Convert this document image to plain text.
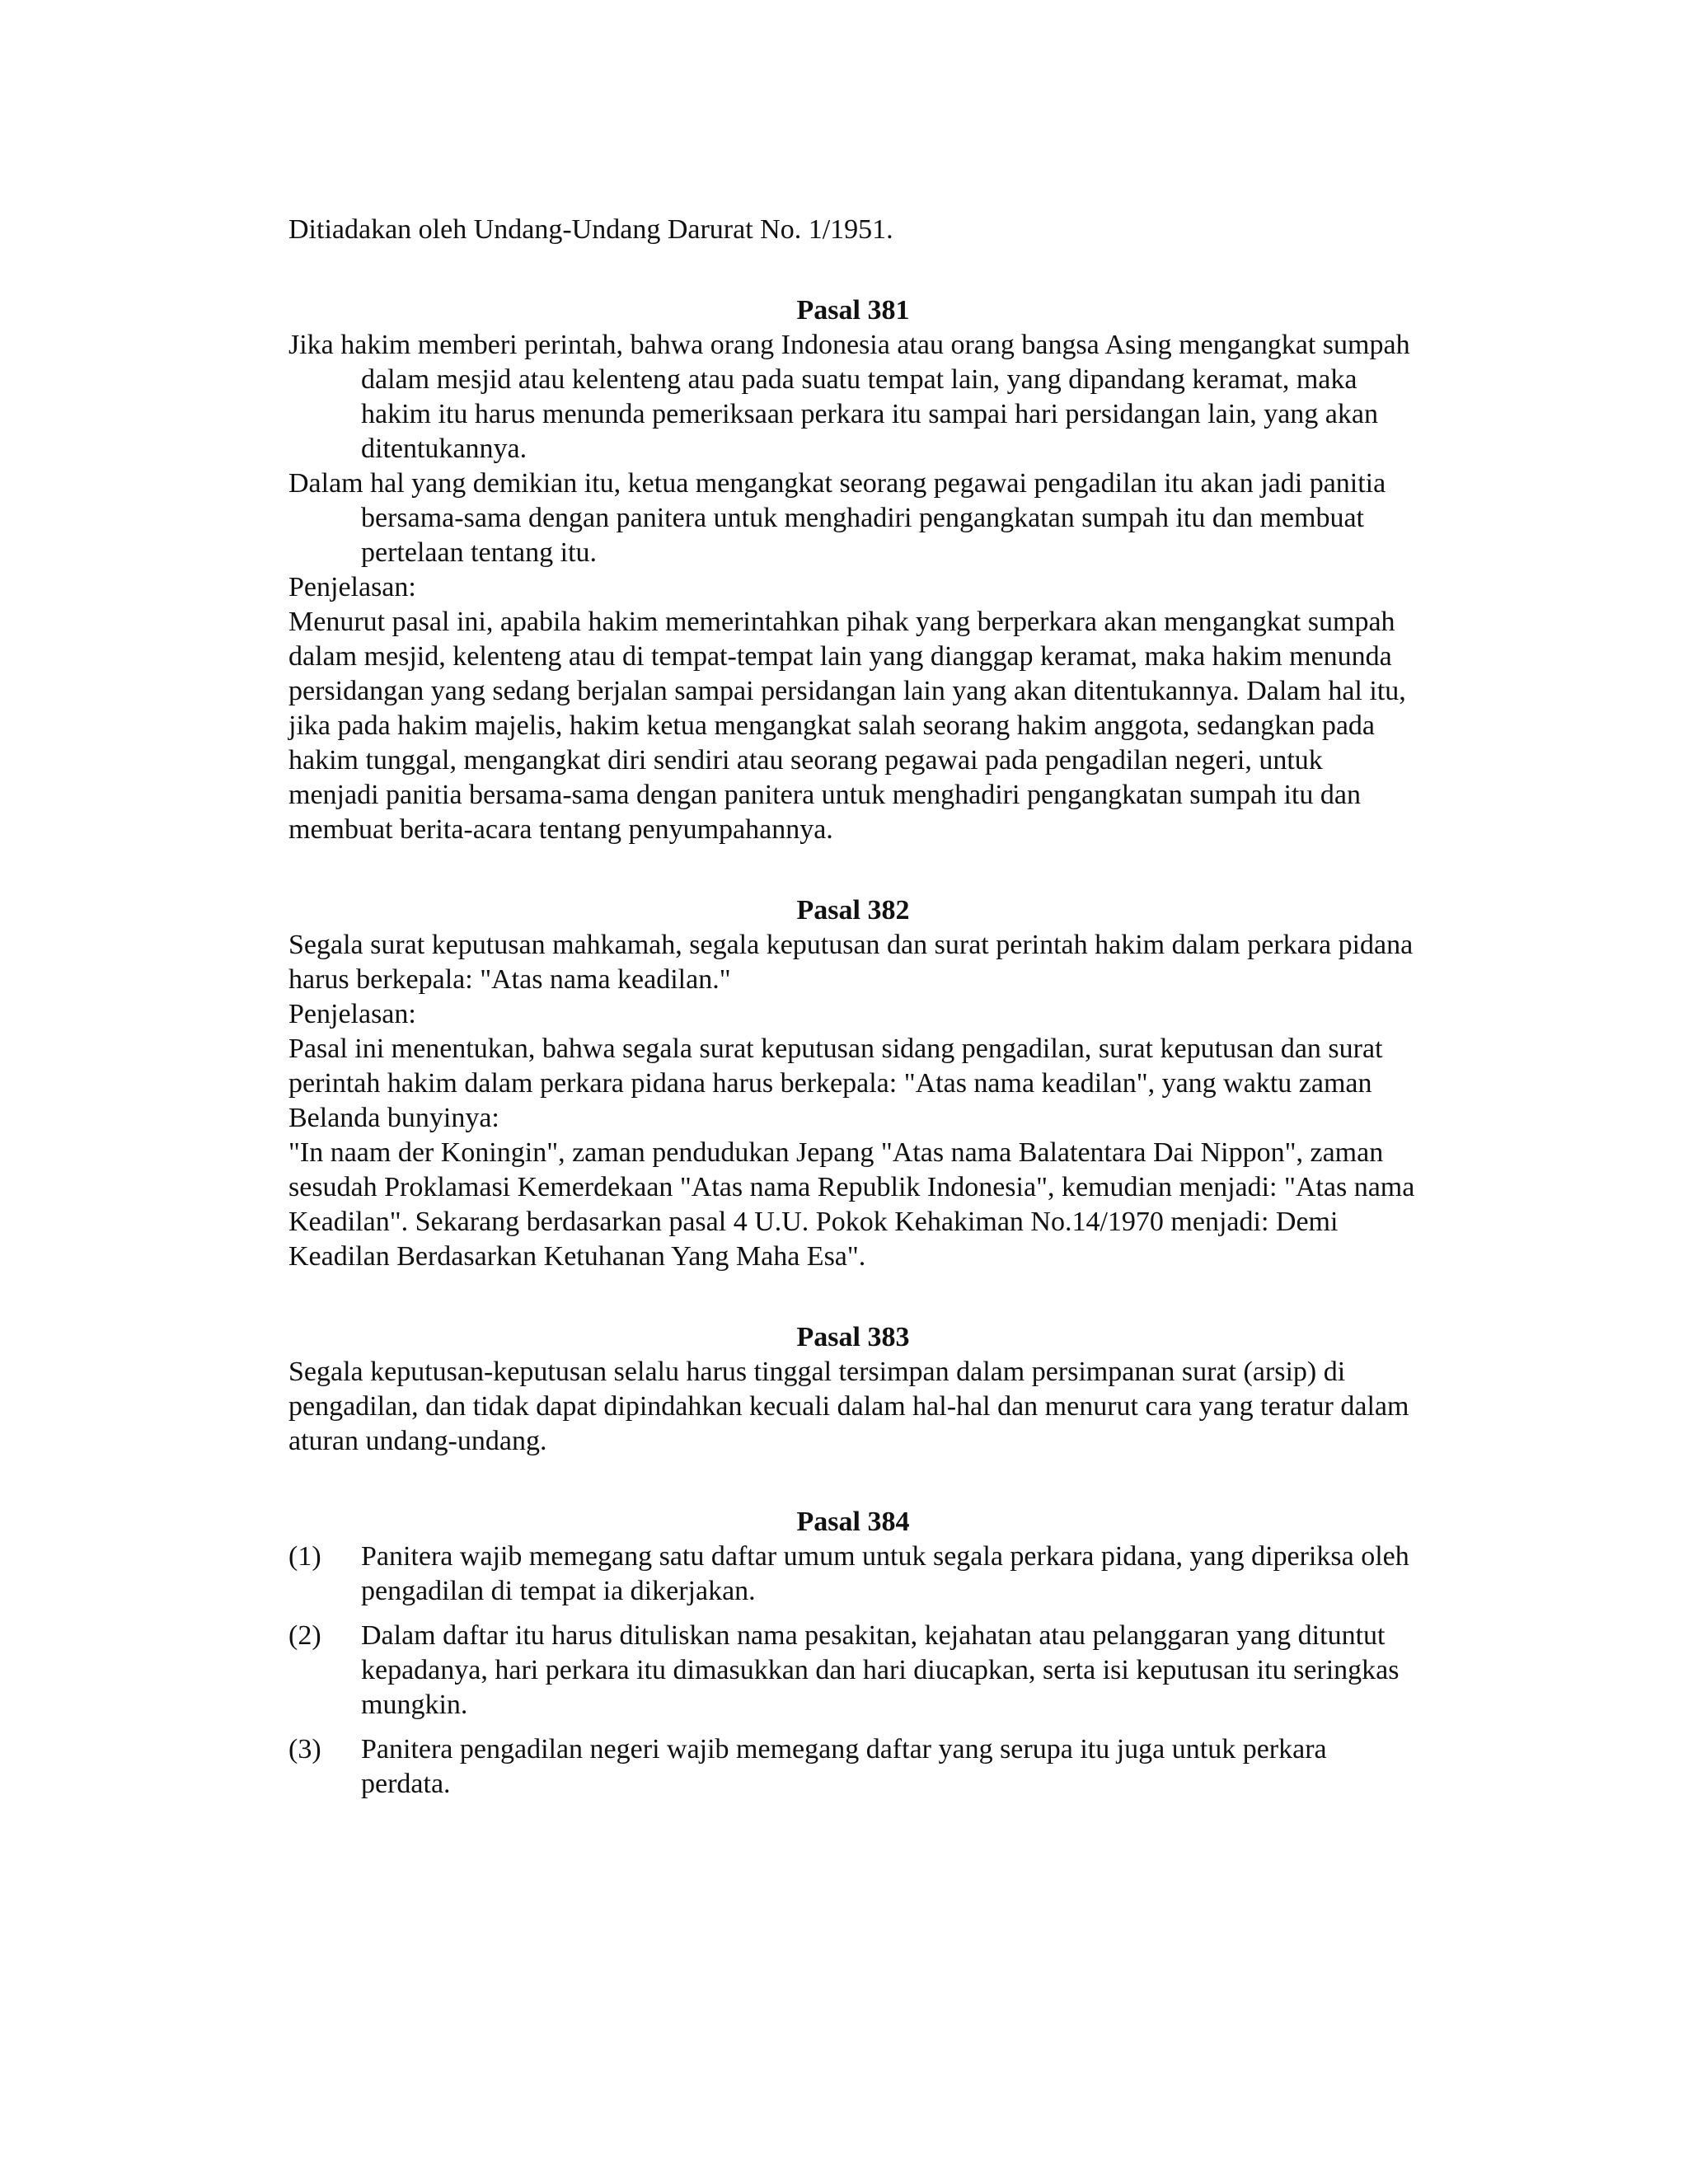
Ditiadakan oleh Undang-Undang Darurat No. 1/1951.

Pasal 381

Jika hakim memberi perintah, bahwa orang Indonesia atau orang bangsa Asing mengangkat sumpah dalam mesjid atau kelenteng atau pada suatu tempat lain, yang dipandang keramat, maka hakim itu harus menunda pemeriksaan perkara itu sampai hari persidangan lain, yang akan ditentukannya.

Dalam hal yang demikian itu, ketua mengangkat seorang pegawai pengadilan itu akan jadi panitia bersama-sama dengan panitera untuk menghadiri pengangkatan sumpah itu dan membuat pertelaan tentang itu.

Penjelasan:

Menurut pasal ini, apabila hakim memerintahkan pihak yang berperkara akan mengangkat sumpah dalam mesjid, kelenteng atau di tempat-tempat lain yang dianggap keramat, maka hakim menunda persidangan yang sedang berjalan sampai persidangan lain yang akan ditentukannya. Dalam hal itu, jika pada hakim majelis, hakim ketua mengangkat salah seorang hakim anggota, sedangkan pada hakim tunggal, mengangkat diri sendiri atau seorang pegawai pada pengadilan negeri, untuk menjadi panitia bersama-sama dengan panitera untuk menghadiri pengangkatan sumpah itu dan membuat berita-acara tentang penyumpahannya.

Pasal 382

Segala surat keputusan mahkamah, segala keputusan dan surat perintah hakim dalam perkara pidana harus berkepala: "Atas nama keadilan."

Penjelasan:

Pasal ini menentukan, bahwa segala surat keputusan sidang pengadilan, surat keputusan dan surat perintah hakim dalam perkara pidana harus berkepala: "Atas nama keadilan", yang waktu zaman Belanda bunyinya:

"In naam der Koningin", zaman pendudukan Jepang "Atas nama Balatentara Dai Nippon", zaman sesudah Proklamasi Kemerdekaan "Atas nama Republik Indonesia", kemudian menjadi: "Atas nama Keadilan". Sekarang berdasarkan pasal 4 U.U. Pokok Kehakiman No.14/1970 menjadi: Demi Keadilan Berdasarkan Ketuhanan Yang Maha Esa".

Pasal 383

Segala keputusan-keputusan selalu harus tinggal tersimpan dalam persimpanan surat (arsip) di pengadilan, dan tidak dapat dipindahkan kecuali dalam hal-hal dan menurut cara yang teratur dalam aturan undang-undang.

Pasal 384

(1)	Panitera wajib memegang satu daftar umum untuk segala perkara pidana, yang diperiksa oleh pengadilan di tempat ia dikerjakan.
(2)	Dalam daftar itu harus dituliskan nama pesakitan, kejahatan atau pelanggaran yang dituntut kepadanya, hari perkara itu dimasukkan dan hari diucapkan, serta isi keputusan itu seringkas mungkin.
(3)	Panitera pengadilan negeri wajib memegang daftar yang serupa itu juga untuk perkara perdata.
